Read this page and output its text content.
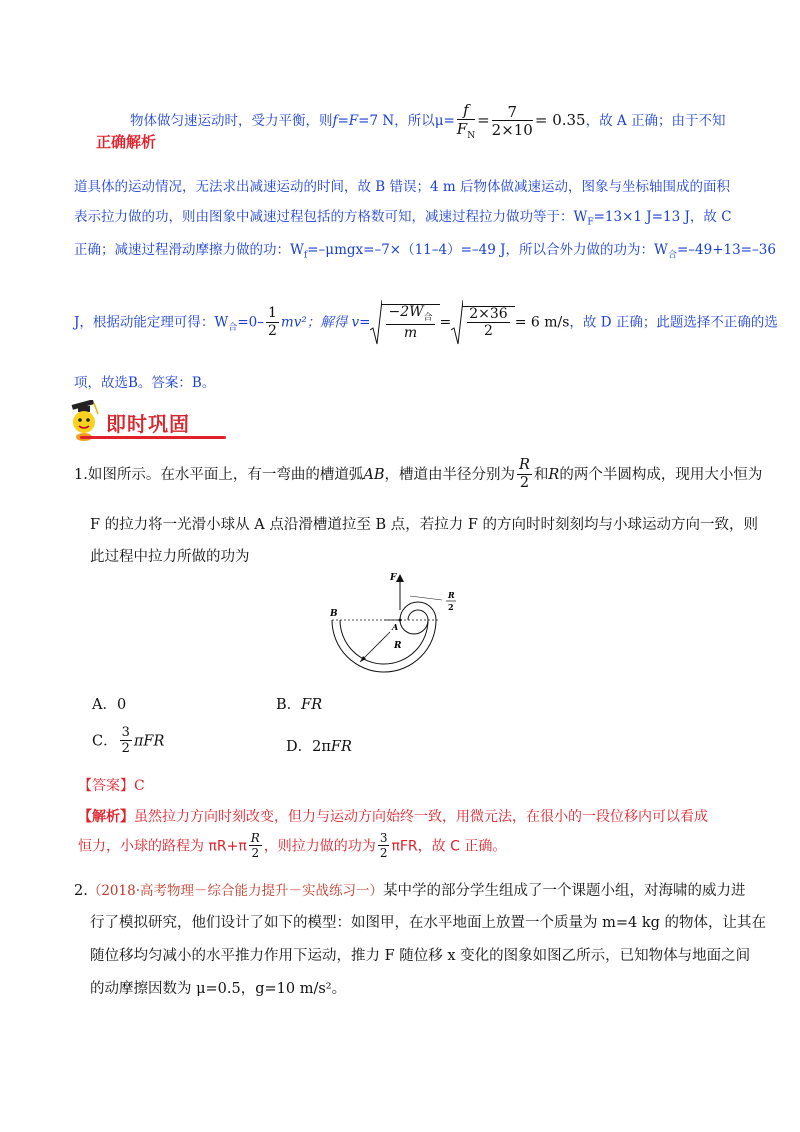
正确解析
物体做匀速运动时，受力平衡，则f=F=7 N，所以$\mu= \frac{f}{F_N} = \frac{7}{2\times 10} = 0.35$，故 A 正确；由于不知
道具体的运动情况，无法求出减速运动的时间，故 B 错误；4 m 后物体做减速运动，图象与坐标轴围成的面积
表示拉力做的功，则由图象中减速过程包括的方格数可知，减速过程拉力做功等于：$W_F=13\times 1$ J=13 J，故 C
正确；减速过程滑动摩擦力做的功：$W_f=-\mu mgx=-7\times(11-4)=-49$ J，所以合外力做的功为：$W_合=-49+13=-36$
J，根据动能定理可得：$W_合=0- \frac{1}{2} mv^2$；解得 $v= \frac{-2W_合}{m} = \frac{2\times 36}{2} = 6$ m/s，故 D 正确；此题选择不正确的选
项，故选B。答案：B。
即时巩固
1.如图所示。在水平面上，有一弯曲的槽道弧AB，槽道由半径分别为 $\frac{R}{2}$ 和R的两个半圆构成，现用大小恒为
F 的拉力将一光滑小球从 A 点沿滑槽道拉至 B 点，若拉力 F 的方向时时刻刻均与小球运动方向一致，则
此过程中拉力所做的功为
F
B
A
R
R
2
A．0	B．FR
C． $\frac{3}{2}$ πFR	D．2πFR
【答案】C
【解析】虽然拉力方向时刻改变，但力与运动方向始终一致，用微元法，在很小的一段位移内可以看成
恒力，小球的路程为 $\pi R+\pi \frac{R}{2}$ ，则拉力做的功为 $\frac{3}{2}$ πFR，故 C 正确。
2.（2018·高考物理－综合能力提升－实战练习一）某中学的部分学生组成了一个课题小组，对海啸的威力进
行了模拟研究，他们设计了如下的模型：如图甲，在水平地面上放置一个质量为 m=4 kg 的物体，让其在
随位移均匀减小的水平推力作用下运动，推力 F 随位移 x 变化的图象如图乙所示，已知物体与地面之间
的动摩擦因数为 μ=0.5，g=10 m/s²。
